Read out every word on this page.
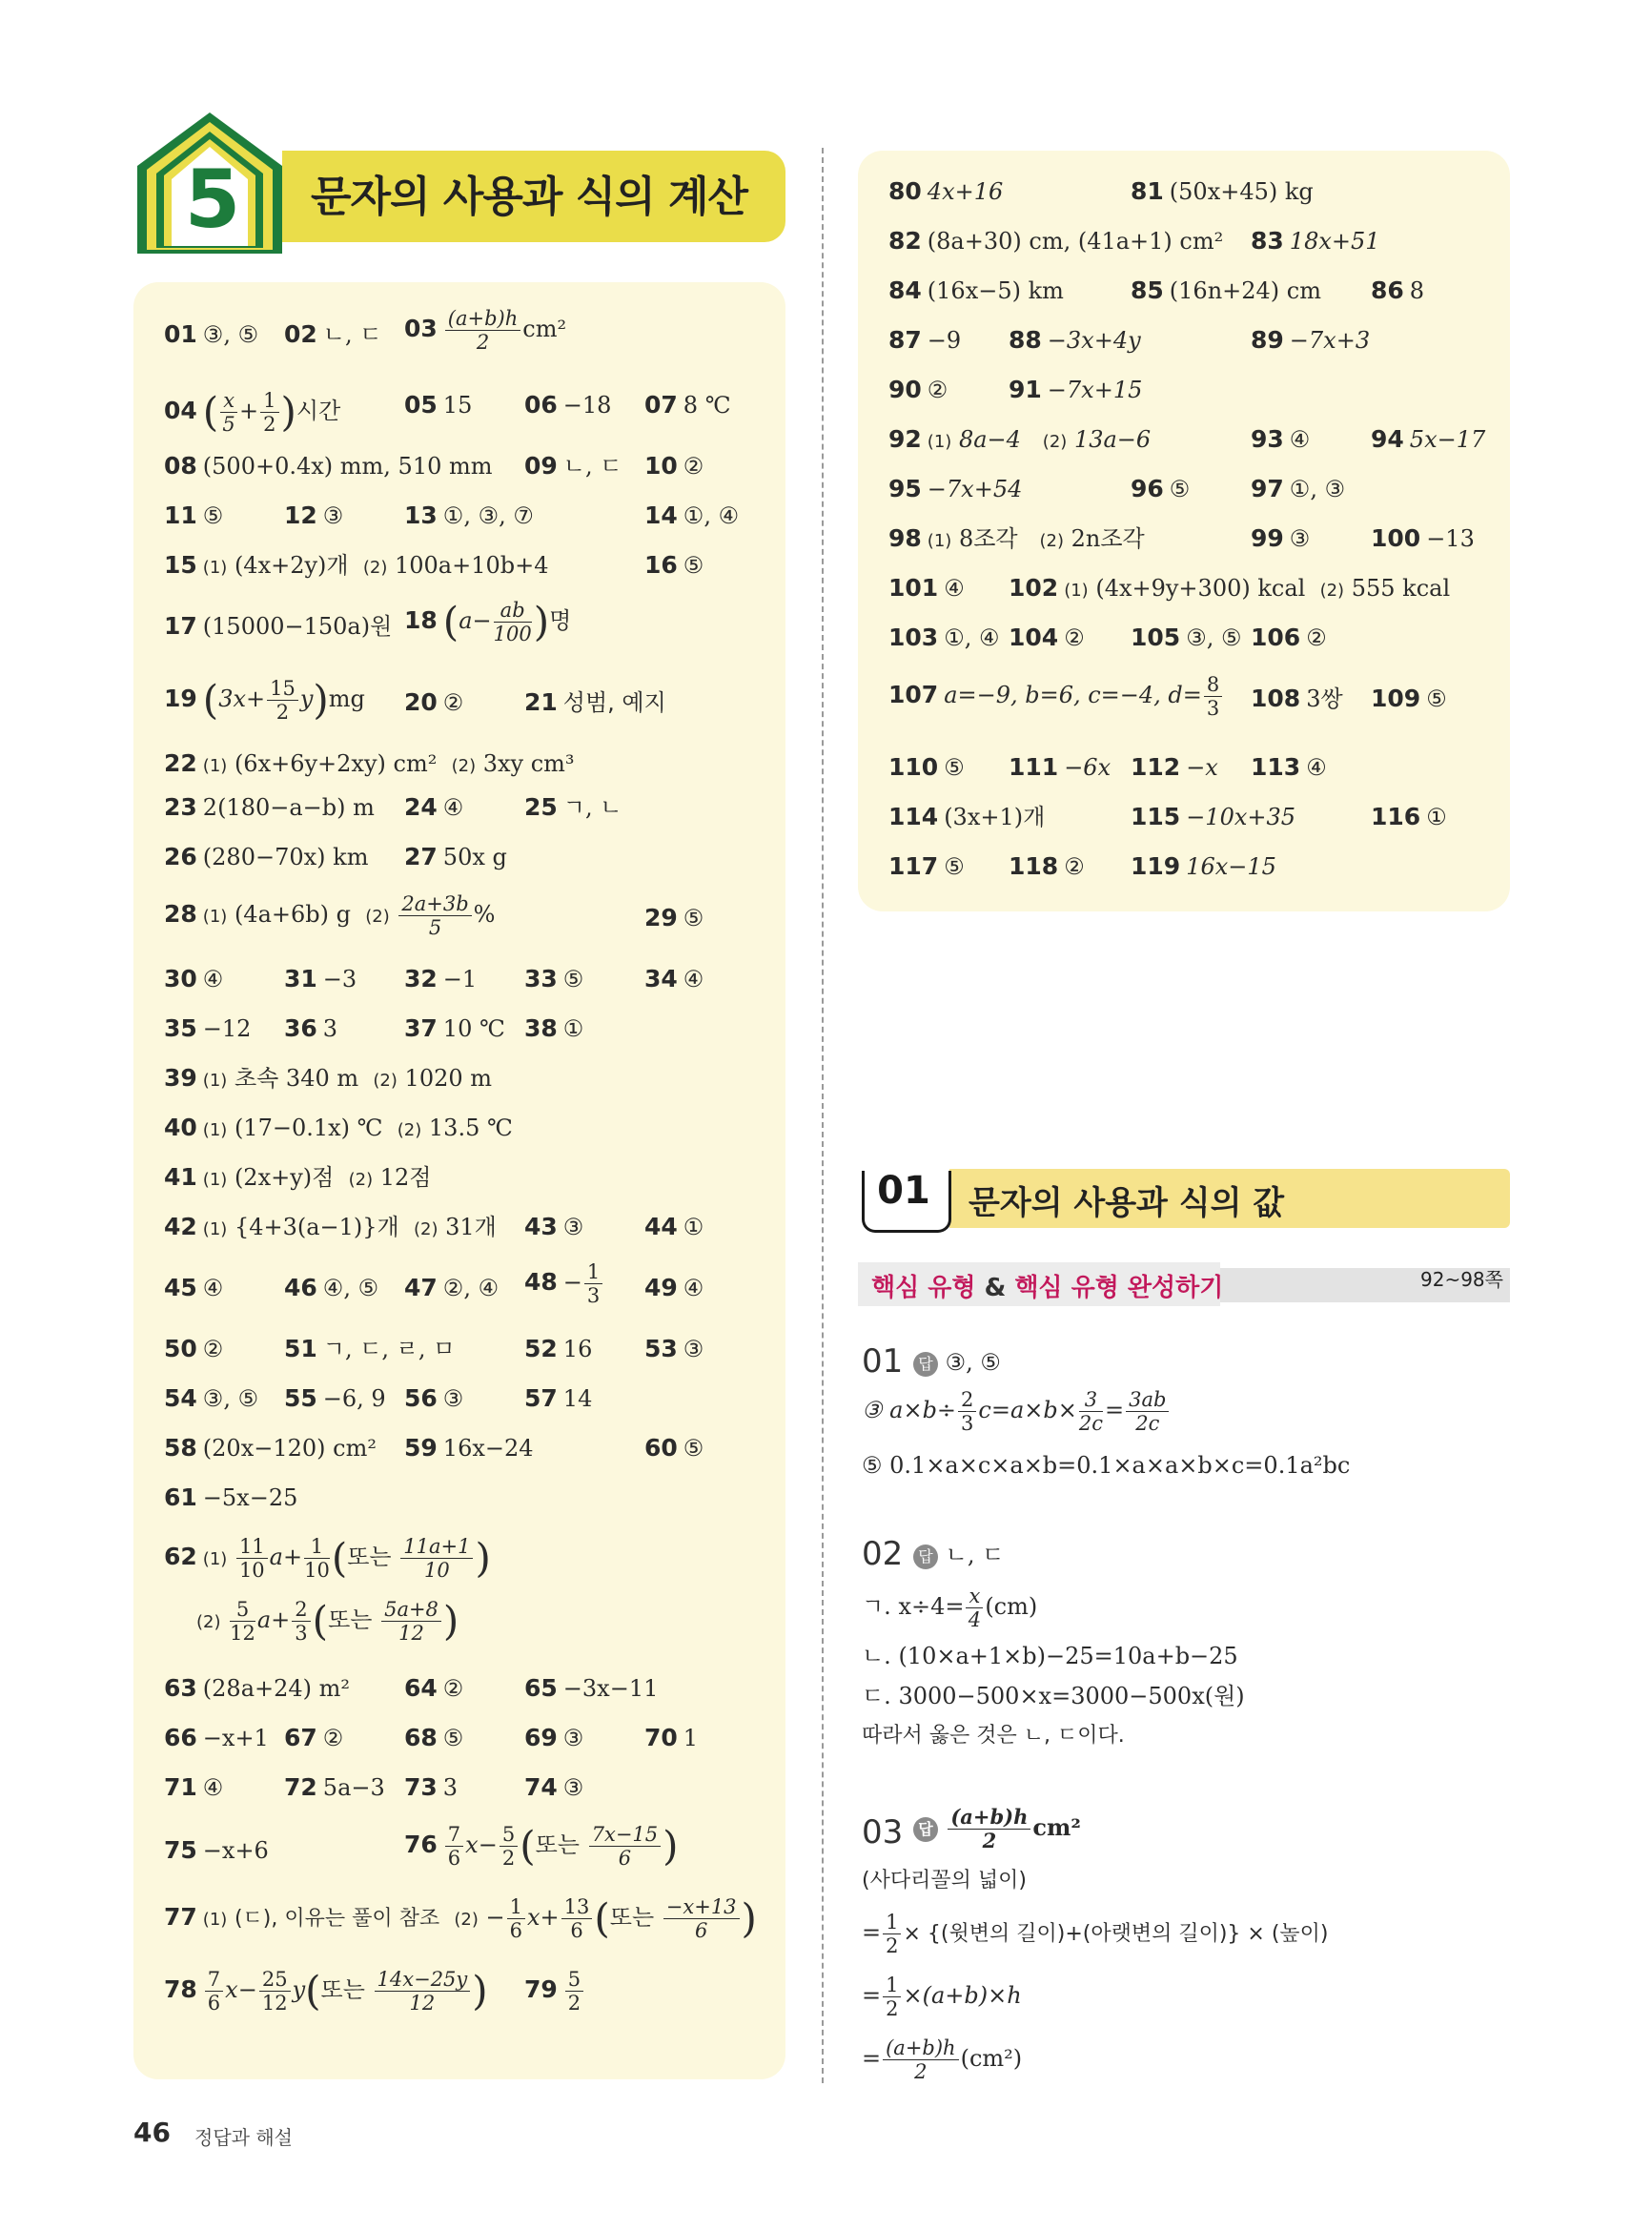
5 문자의 사용과 식의 계산
01 ③, ⑤ 02 ㄴ, ㄷ $03 \frac{(a+b)h}{2} cm^2$
04 ( $\frac{x}{5} + \frac{1}{2}$ )시간	05 15 06 −18 07 8 ℃
08 (500+0.4x) mm, 510 mm 09 ㄴ, ㄷ 10 ②
11 ⑤	12 ③	13 ①, ③, ⑦	14 ①, ④
15 (1) (4x+2y)개 (2) 100a+10b+4	16 ⑤
17 (15000−150a)원 18 ($a- \frac{ab}{100}$ )명
19 $(3x+ \frac{15}{2} y)mg$ 20 ②	21 성범, 예지
22 (1) (6x+6y+2xy) cm² (2) 3xy cm³
23 2(180−a−b) m 24 ④	25 ㄱ, ㄴ
26 (280−70x) km 27 50x g
28 (1) (4a+6b) g $(2) \frac{2a+3b}{5}$ %	29 ⑤
30 ④	31 −3 32 −1 33 ⑤	34 ④
35 −12 36 3	37 10 ℃ 38 ①
39 (1) 초속 340 m (2) 1020 m
40 (1) (17−0.1x) ℃ (2) 13.5 ℃
41 (1) (2x+y)점 (2) 12점
42 (1) {4+3(a−1)}개 (2) 31개 43 ③	44 ①
45 ④	46 ④, ⑤ 47 ②, ④ $48 - \frac{1}{3} 49$ ④
50 ②	51 ㄱ, ㄷ, ㄹ, ㅁ	52 16 53 ③
54 ③, ⑤ 55 −6, 9 56 ③	57 14
58 (20x−120) cm² 59 16x−24	60 ⑤
61 −5x−25
62 $(1) \frac{11}{10} a+ \frac{1}{10}$ (또는 $\frac{11a+1}{10}$ )
$(2) \frac{5}{12} a+ \frac{2}{3}$ (또는 $\frac{5a+8}{12}$ )
63 (28a+24) m² 64 ②	65 −3x−11
66 −x+1 67 ②	68 ⑤	69 ③	70 1
71 ④	72 5a−3 73 3	74 ③
75 −x+6	$76 \frac{7}{6} x- \frac{5}{2}$ (또는 $\frac{7x-15}{6}$ )
77 (1) (ㄷ), 이유는 풀이 참조 $(2) - \frac{1}{6} x+ \frac{13}{6}$ (또는 $\frac{-x+13}{6}$ )
$78 \frac{7}{6} x- \frac{25}{12} y$(또는 $\frac{14x-25y}{12}$ ) $79 \frac{5}{2}$
80 4x+16	81 (50x+45) kg
82 (8a+30) cm, (41a+1) cm² 83 18x+51
84 (16x−5) km	85 (16n+24) cm 86 8
87 −9 88 −3x+4y	89 −7x+3
90 ②	91 −7x+15
92 (1) 8a−4 (2) 13a−6	93 ④	94 5x−17
95 −7x+54	96 ⑤	97 ①, ③
98 (1) 8조각 (2) 2n조각	99 ③	100 −13
101 ④ 102 (1) (4x+9y+300) kcal (2) 555 kcal
103 ①, ④ 104 ② 105 ③, ⑤ 106 ②
107 a=−9, b=6, c=−4, $d= \frac{8}{3} 108$ 3쌍 109 ⑤
110 ⑤ 111 −6x 112 −x 113 ④
114 (3x+1)개	115 −10x+35	116 ①
117 ⑤ 118 ② 119 16x−15
01	문자의 사용과 식의 값
핵심 유형 & 핵심 유형 완성하기	92~98쪽
01	답 ③, ⑤
③ $a\times b\div \frac{2}{3} c=a\times b\times \frac{3}{2c} = \frac{3ab}{2c}$
⑤ 0.1×a×c×a×b=0.1×a×a×b×c=0.1a²bc
02	답 ㄴ, ㄷ
ㄱ. $x\div 4= \frac{x}{4} (cm)$
ㄴ. (10×a+1×b)−25=10a+b−25
ㄷ. 3000−500×x=3000−500x(원)
따라서 옳은 것은 ㄴ, ㄷ이다.
03	답 $\frac{(a+b)h}{2} cm^2$
(사다리꼴의 넓이)
= $\frac{1}{2}$ × {(윗변의 길이)+(아랫변의 길이)} × (높이)
= $\frac{1}{2} \times(a+b)\times h$
= $\frac{(a+b)h}{2} (cm^2)$
46 정답과 해설
